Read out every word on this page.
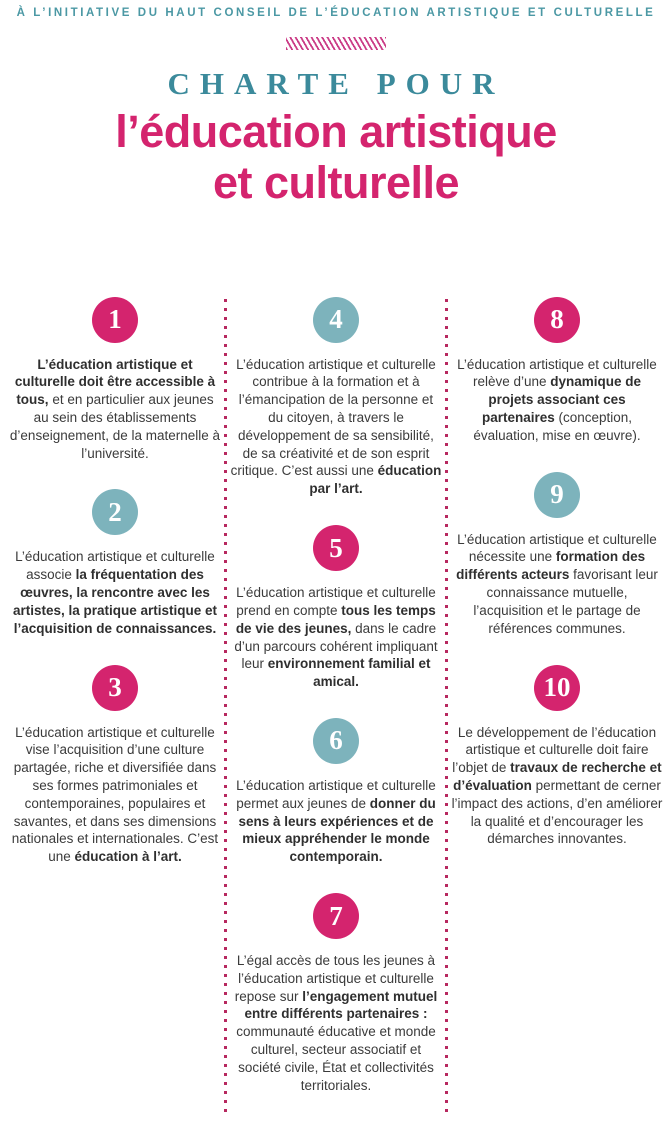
À L’INITIATIVE DU HAUT CONSEIL DE L’ÉDUCATION ARTISTIQUE ET CULTURELLE
CHARTE POUR
l’éducation artistique
et culturelle
1

L’éducation artistique et culturelle doit être accessible à tous, et en particulier aux jeunes au sein des établissements d’enseignement, de la maternelle à l’université.

2

L’éducation artistique et culturelle associe la fréquentation des œuvres, la rencontre avec les artistes, la pratique artistique et l’acquisition de connaissances.

3

L’éducation artistique et culturelle vise l’acquisition d’une culture partagée, riche et diversifiée dans ses formes patrimoniales et contemporaines, populaires et savantes, et dans ses dimensions nationales et internationales. C’est une éducation à l’art.

4

L’éducation artistique et culturelle contribue à la formation et à l’émancipation de la personne et du citoyen, à travers le développement de sa sensibilité, de sa créativité et de son esprit critique. C’est aussi une éducation par l’art.

5

L’éducation artistique et culturelle prend en compte tous les temps de vie des jeunes, dans le cadre d’un parcours cohérent impliquant leur environnement familial et amical.

6

L’éducation artistique et culturelle permet aux jeunes de donner du sens à leurs expériences et de mieux appréhender le monde contemporain.

7

L’égal accès de tous les jeunes à l’éducation artistique et culturelle repose sur l’engagement mutuel entre différents partenaires : communauté éducative et monde culturel, secteur associatif et société civile, État et collectivités territoriales.

8

L’éducation artistique et culturelle relève d’une dynamique de projets associant ces partenaires (conception, évaluation, mise en œuvre).

9

L’éducation artistique et culturelle nécessite une formation des différents acteurs favorisant leur connaissance mutuelle, l’acquisition et le partage de références communes.

10

Le développement de l’éducation artistique et culturelle doit faire l’objet de travaux de recherche et d’évaluation permettant de cerner l’impact des actions, d’en améliorer la qualité et d’encourager les démarches innovantes.
